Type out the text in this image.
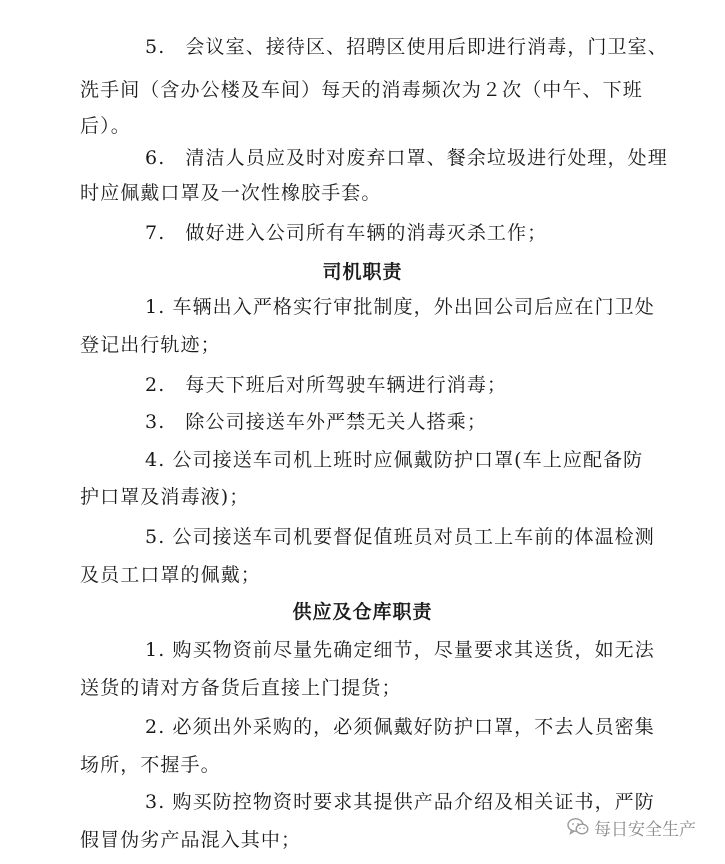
5.　会议室、接待区、招聘区使用后即进行消毒，门卫室、
洗手间（含办公楼及车间）每天的消毒频次为２次（中午、下班
后）。
6.　清洁人员应及时对废弃口罩、餐余垃圾进行处理，处理
时应佩戴口罩及一次性橡胶手套。
7.　做好进入公司所有车辆的消毒灭杀工作；
司机职责
1. 车辆出入严格实行审批制度，外出回公司后应在门卫处
登记出行轨迹；
2.　每天下班后对所驾驶车辆进行消毒；
3.　除公司接送车外严禁无关人搭乘；
4. 公司接送车司机上班时应佩戴防护口罩(车上应配备防
护口罩及消毒液)；
5. 公司接送车司机要督促值班员对员工上车前的体温检测
及员工口罩的佩戴；
供应及仓库职责
1. 购买物资前尽量先确定细节，尽量要求其送货，如无法
送货的请对方备货后直接上门提货；
2. 必须出外采购的，必须佩戴好防护口罩，不去人员密集
场所，不握手。
3. 购买防控物资时要求其提供产品介绍及相关证书，严防
假冒伪劣产品混入其中；	每日安全生产
